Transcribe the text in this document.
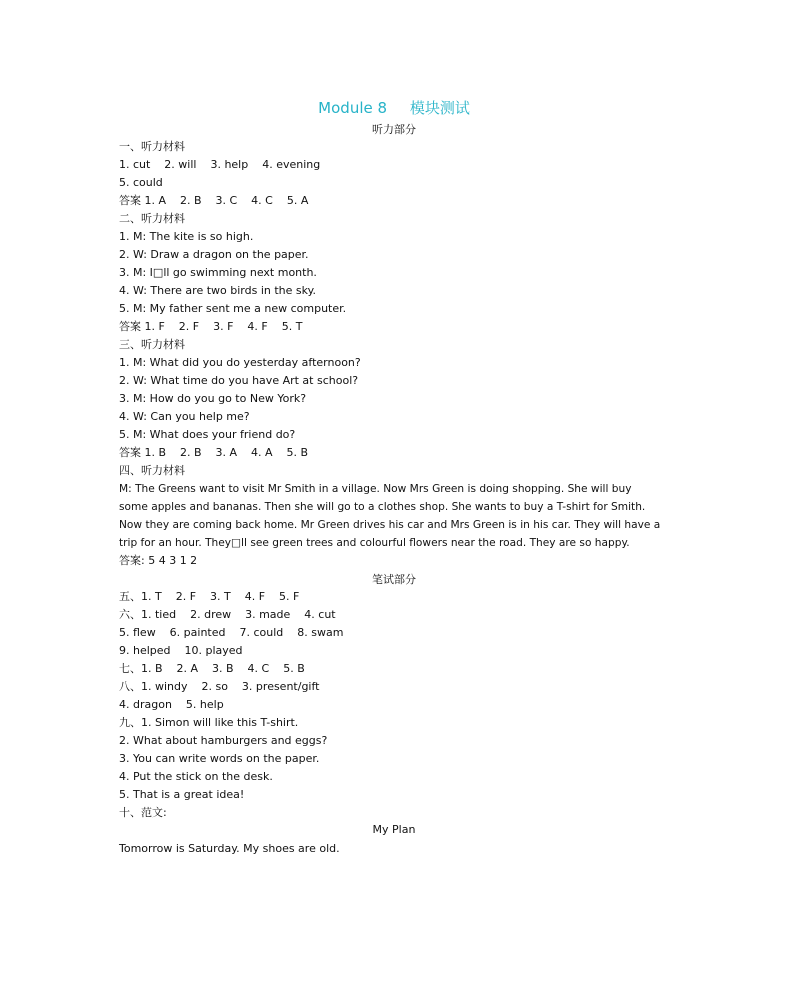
Module 8 模块测试
听力部分
一、听力材料
1. cut    2. will    3. help    4. evening
5. could
答案 1. A    2. B    3. C    4. C    5. A
二、听力材料
1. M: The kite is so high.
2. W: Draw a dragon on the paper.
3. M: I□ll go swimming next month.
4. W: There are two birds in the sky.
5. M: My father sent me a new computer.
答案 1. F    2. F    3. F    4. F    5. T
三、听力材料
1. M: What did you do yesterday afternoon?
2. W: What time do you have Art at school?
3. M: How do you go to New York?
4. W: Can you help me?
5. M: What does your friend do?
答案 1. B    2. B    3. A    4. A    5. B
四、听力材料
M: The Greens want to visit Mr Smith in a village. Now Mrs Green is doing shopping. She will buy
some apples and bananas. Then she will go to a clothes shop. She wants to buy a T-shirt for Smith.
Now they are coming back home. Mr Green drives his car and Mrs Green is in his car. They will have a
trip for an hour. They□ll see green trees and colourful flowers near the road. They are so happy.
答案: 5 4 3 1 2
五、1. T    2. F    3. T    4. F    5. F
六、1. tied    2. drew    3. made    4. cut
5. flew    6. painted    7. could    8. swam
9. helped    10. played
七、1. B    2. A    3. B    4. C    5. B
八、1. windy    2. so    3. present/gift
4. dragon    5. help
九、1. Simon will like this T-shirt.
2. What about hamburgers and eggs?
3. You can write words on the paper.
4. Put the stick on the desk.
5. That is a great idea!
十、范文:
Tomorrow is Saturday. My shoes are old.
笔试部分
My Plan
